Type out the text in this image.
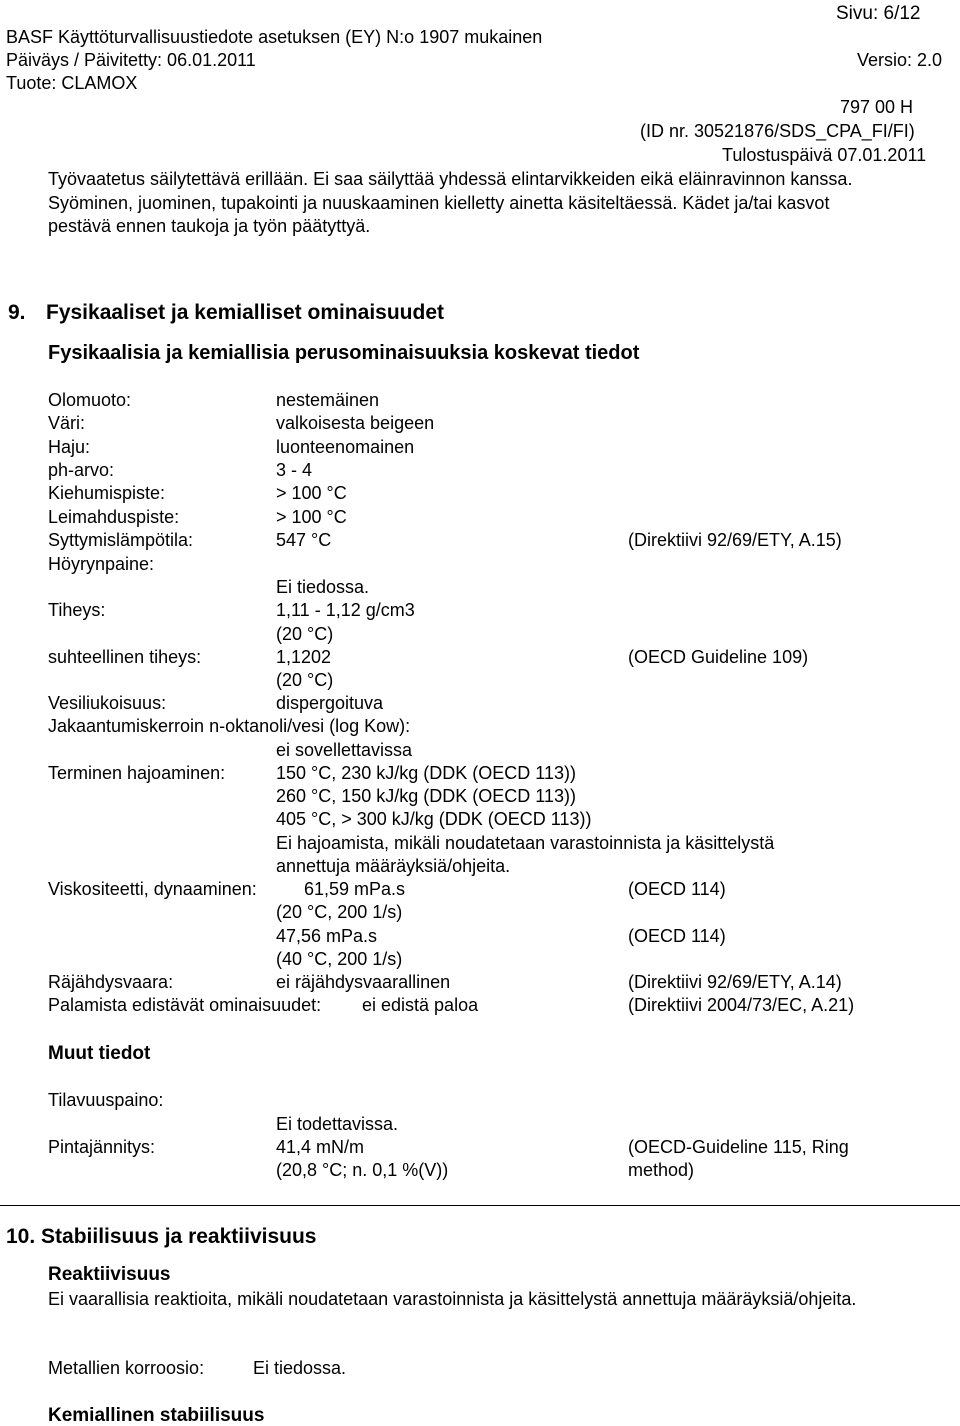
Sivu: 6/12
BASF Käyttöturvallisuustiedote asetuksen (EY) N:o 1907 mukainen
Päiväys / Päivitetty: 06.01.2011	Versio: 2.0
Tuote: CLAMOX
797 00 H
(ID nr. 30521876/SDS_CPA_FI/FI)
Tulostuspäivä 07.01.2011
Työvaatetus säilytettävä erillään. Ei saa säilyttää yhdessä elintarvikkeiden eikä eläinravinnon kanssa.
Syöminen, juominen, tupakointi ja nuuskaaminen kielletty ainetta käsiteltäessä. Kädet ja/tai kasvot
pestävä ennen taukoja ja työn päätyttyä.
9. Fysikaaliset ja kemialliset ominaisuudet
Fysikaalisia ja kemiallisia perusominaisuuksia koskevat tiedot
Olomuoto:	nestemäinen
Väri:	valkoisesta beigeen
Haju:	luonteenomainen
ph-arvo:	3 - 4
Kiehumispiste:	> 100 °C
Leimahduspiste:	> 100 °C
Syttymislämpötila:	547 °C	(Direktiivi 92/69/ETY, A.15)
Höyrynpaine:
Ei tiedossa.
Tiheys:	1,11 - 1,12 g/cm3
(20 °C)
suhteellinen tiheys:	1,1202	(OECD Guideline 109)
(20 °C)
Vesiliukoisuus:	dispergoituva
Jakaantumiskerroin n-oktanoli/vesi (log Kow):
ei sovellettavissa
Terminen hajoaminen:	150 °C, 230 kJ/kg (DDK (OECD 113))
260 °C, 150 kJ/kg (DDK (OECD 113))
405 °C, > 300 kJ/kg (DDK (OECD 113))
Ei hajoamista, mikäli noudatetaan varastoinnista ja käsittelystä
annettuja määräyksiä/ohjeita.
Viskositeetti, dynaaminen:	61,59 mPa.s	(OECD 114)
(20 °C, 200 1/s)
47,56 mPa.s	(OECD 114)
(40 °C, 200 1/s)
Räjähdysvaara:	ei räjähdysvaarallinen	(Direktiivi 92/69/ETY, A.14)
Palamista edistävät ominaisuudet: ei edistä paloa	(Direktiivi 2004/73/EC, A.21)
Muut tiedot
Tilavuuspaino:
Ei todettavissa.
Pintajännitys:	41,4 mN/m	(OECD-Guideline 115, Ring
(20,8 °C; n. 0,1 %(V))	method)
10. Stabiilisuus ja reaktiivisuus
Reaktiivisuus
Ei vaarallisia reaktioita, mikäli noudatetaan varastoinnista ja käsittelystä annettuja määräyksiä/ohjeita.
Metallien korroosio:	Ei tiedossa.
Kemiallinen stabiilisuus
